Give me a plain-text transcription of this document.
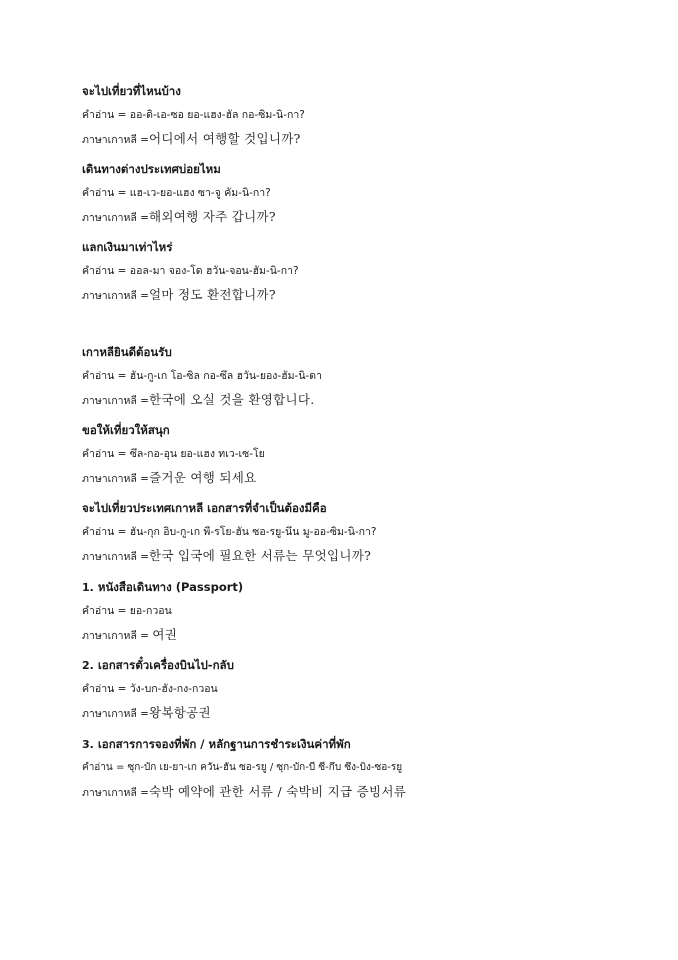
จะไปเที่ยวที่ไหนบ้าง
คำอ่าน = ออ-ดิ-เอ-ซอ ยอ-แฮง-ฮัล กอ-ซิม-นิ-กา?
ภาษาเกาหลี =어디에서 여행할 것입니까?
เดินทางต่างประเทศบ่อยไหม
คำอ่าน = แฮ-เว-ยอ-แฮง ซา-จู คัม-นิ-กา?
ภาษาเกาหลี =해외여행 자주 갑니까?
แลกเงินมาเท่าไหร่
คำอ่าน = ออล-มา จอง-โด ฮวัน-จอน-ฮัม-นิ-กา?
ภาษาเกาหลี =얼마 정도 환전합니까?
เกาหลียินดีต้อนรับ
คำอ่าน = ฮัน-กู-เก โอ-ซิล กอ-ซึล ฮวัน-ยอง-ฮัม-นิ-ดา
ภาษาเกาหลี =한국에 오실 것을 환영합니다.
ขอให้เที่ยวให้สนุก
คำอ่าน = ซึล-กอ-อุน ยอ-แฮง ทเว-เซ-โย
ภาษาเกาหลี =즐거운 여행 되세요
จะไปเที่ยวประเทศเกาหลี เอกสารที่จำเป็นต้องมีคือ
คำอ่าน = ฮัน-กุก อิบ-กู-เก พี-รโย-ฮัน ซอ-รยู-นึน มู-ออ-ซิม-นิ-กา?
ภาษาเกาหลี =한국 입국에 필요한 서류는 무엇입니까?
1. หนังสือเดินทาง (Passport)
คำอ่าน = ยอ-กวอน
ภาษาเกาหลี = 여권
2. เอกสารตั๋วเครื่องบินไป-กลับ
คำอ่าน = วัง-บก-ฮัง-กง-กวอน
ภาษาเกาหลี =왕복항공권
3. เอกสารการจองที่พัก / หลักฐานการชำระเงินค่าที่พัก
คำอ่าน = ซุก-บัก เย-ยา-เก ควัน-ฮัน ซอ-รยู / ซุก-บัก-บี ซี-กึบ ซึง-บิง-ซอ-รยู
ภาษาเกาหลี =숙박 예약에 관한 서류 / 숙박비 지급 증빙서류
